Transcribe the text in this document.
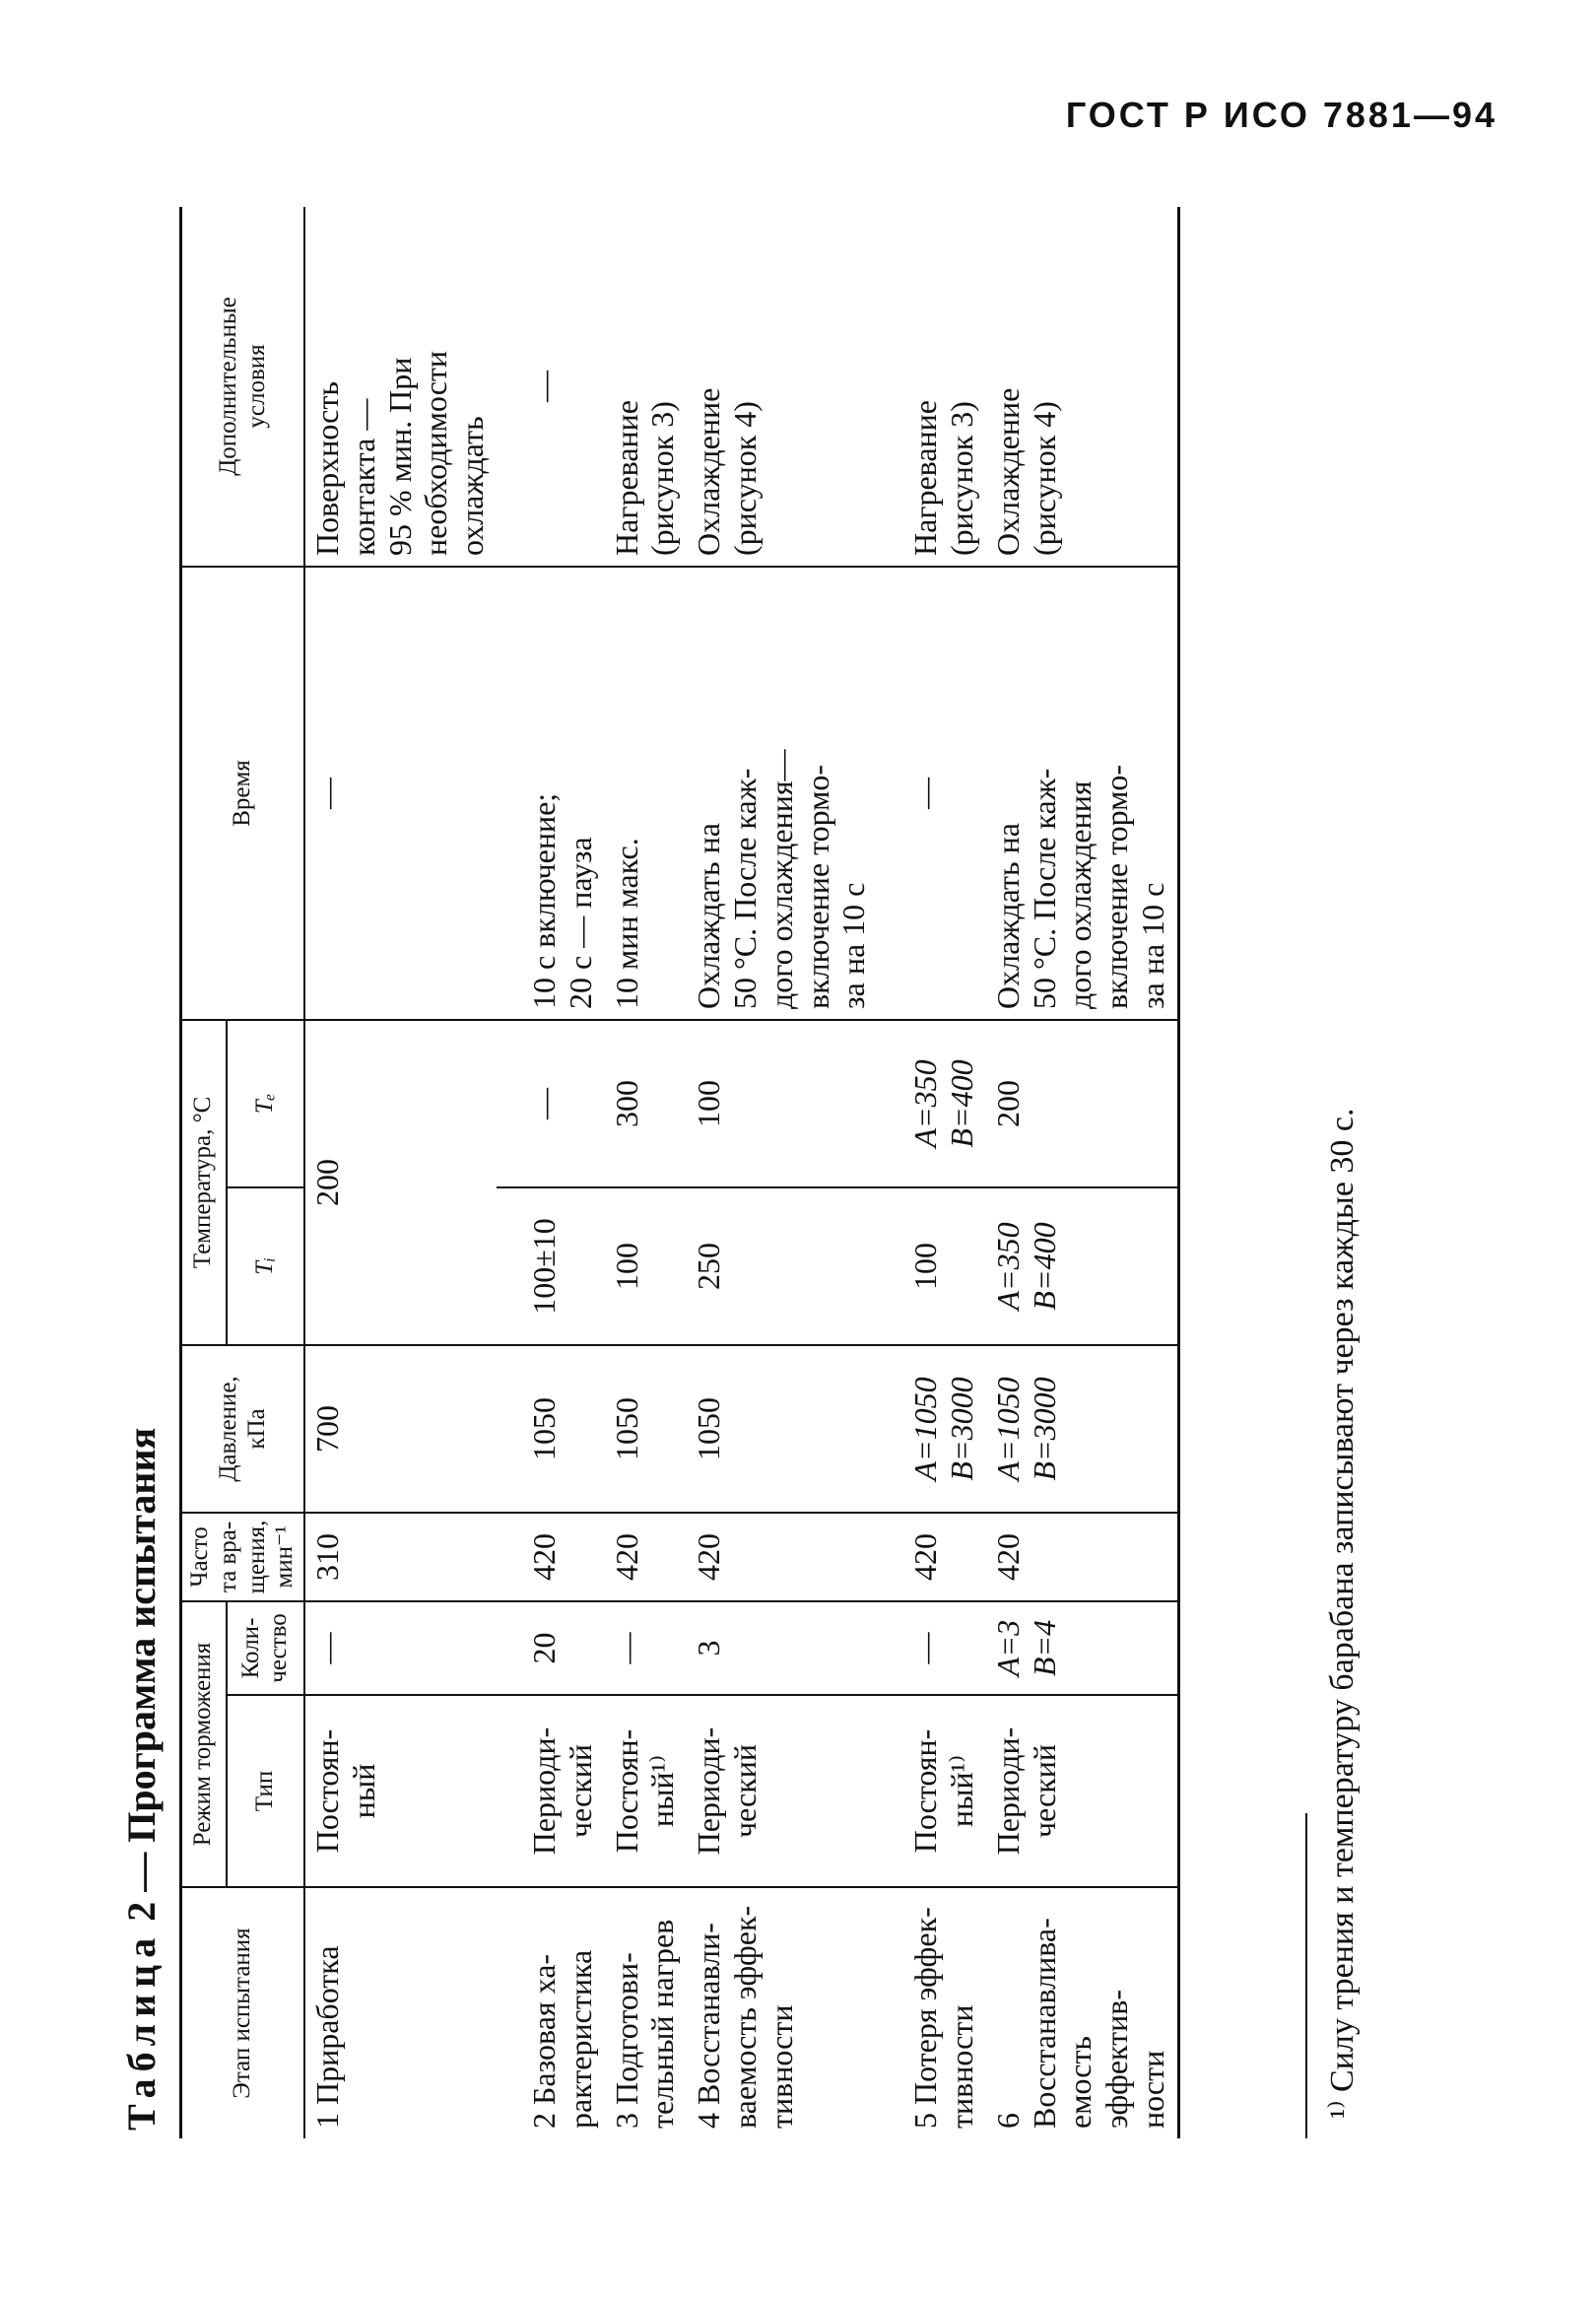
ГОСТ Р ИСО 7881—94
Таблица 2 — Программа испытания
Этап испытания	Режим торможения		Часто
та вра-
щения,
мин⁻¹	Давление,
кПа	Температура, °C		Время	Дополнительные
условия

	Тип	Коли-
чество			Tᵢ	Tₑ		

1 Приработка	Постоян-
ный	—	310	700	200		—	Поверхность
контакта —
95 % мин. При
необходимости
охлаждать

2 Базовая ха-
рактеристика	Периоди-
ческий	20	420	1050	100±10	—	10 с включение;
20 с — пауза	—

3 Подготови-
тельный нагрев	Постоян-
ный¹⁾	—	420	1050	100	300	10 мин макс.	Нагревание
(рисунок 3)

4 Восстанавли-
ваемость эффек-
тивности	Периоди-
ческий	3	420	1050	250	100	Охлаждать на
50 °C. После каж-
дого охлаждения—
включение тормо-
за на 10 с	Охлаждение
(рисунок 4)

5 Потеря эффек-
тивности	Постоян-
ный¹⁾	—	420	A=1050
B=3000	100	A=350
B=400	—	Нагревание
(рисунок 3)

6 Восстанавлива-
емость эффектив-
ности	Периоди-
ческий	A=3
B=4	420	A=1050
B=3000	A=350
B=400	200	Охлаждать на
50 °C. После каж-
дого охлаждения
включение тормо-
за на 10 с	Охлаждение
(рисунок 4)
¹⁾ Силу трения и температуру барабана записывают через каждые 30 с.
